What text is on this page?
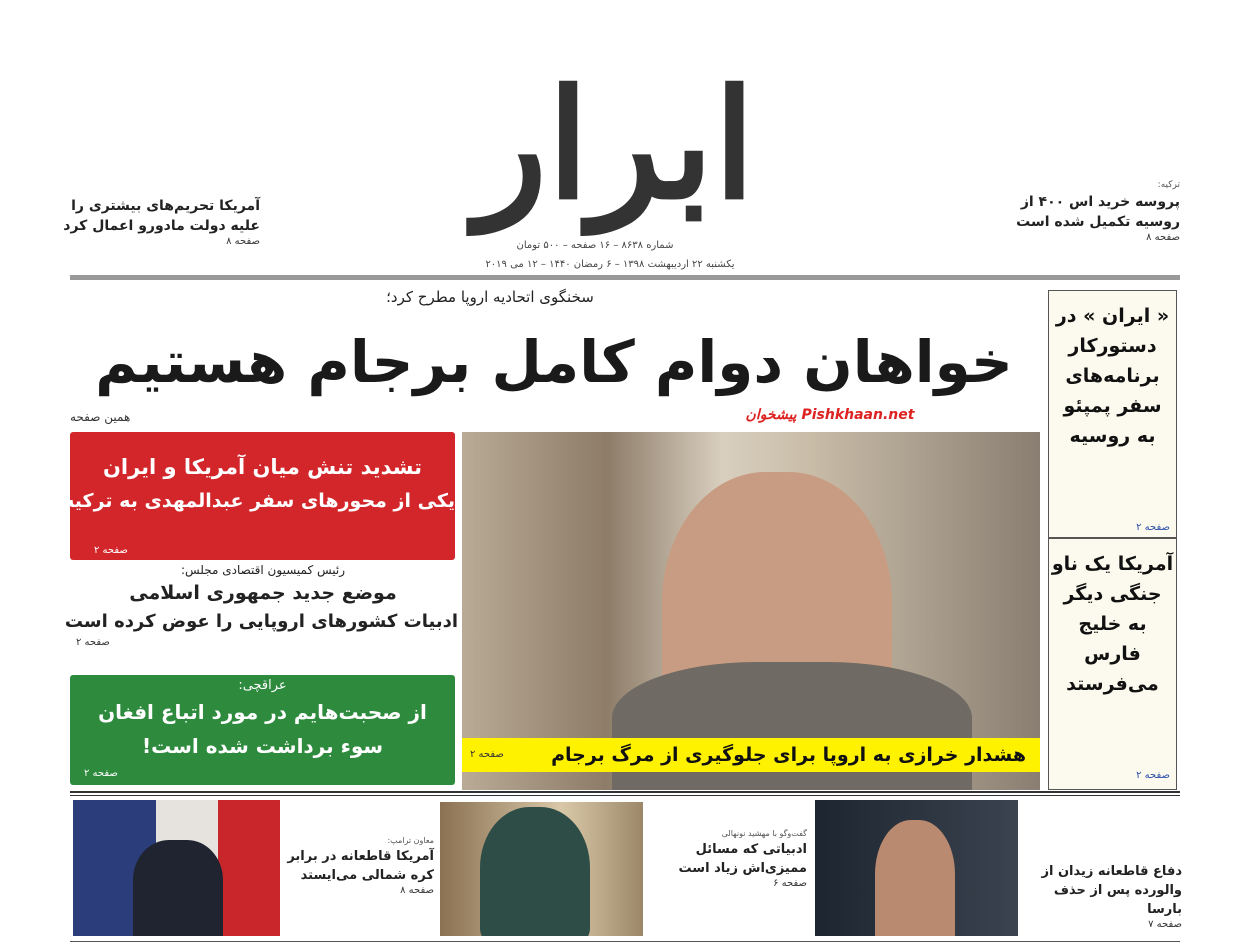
ابرار
شماره ۸۶۳۸ – ۱۶ صفحه – ۵۰۰ تومان
یکشنبه ۲۲ اردیبهشت ۱۳۹۸ – ۶ رمضان ۱۴۴۰ – ۱۲ می ۲۰۱۹
ترکیه:
پروسه خرید اس ۴۰۰ از روسیه تکمیل شده است
صفحه ۸
آمریکا تحریم‌های بیشتری را علیه دولت مادورو اعمال کرد
صفحه ۸
سخنگوی اتحادیه اروپا مطرح کرد؛
خواهان دوام کامل برجام هستیم
پیشخوان Pishkhaan.net
همین صفحه
تشدید تنش میان آمریکا و ایران
یکی از محورهای سفر عبدالمهدی به ترکیه
صفحه ۲
رئیس کمیسیون اقتصادی مجلس:
موضع جدید جمهوری اسلامی
ادبیات کشورهای اروپایی را عوض کرده است
صفحه ۲
عراقچی:
از صحبت‌هایم در مورد اتباع افغان
سوء برداشت شده است!
صفحه ۲
هشدار خرازی به اروپا برای جلوگیری از مرگ برجام
صفحه ۲
« ایران » در دستورکار برنامه‌های سفر پمپئو به روسیه
صفحه ۲
آمریکا یک ناو جنگی دیگر به خلیج فارس می‌فرستد
صفحه ۲
معاون ترامپ:
آمریکا قاطعانه در برابر کره شمالی می‌ایستد
صفحه ۸
گفت‌وگو با مهشید نونهالی
ادبیاتی که مسائل ممیزی‌اش زیاد است
صفحه ۶
دفاع قاطعانه زیدان از والورده پس از حذف بارسا
صفحه ۷
